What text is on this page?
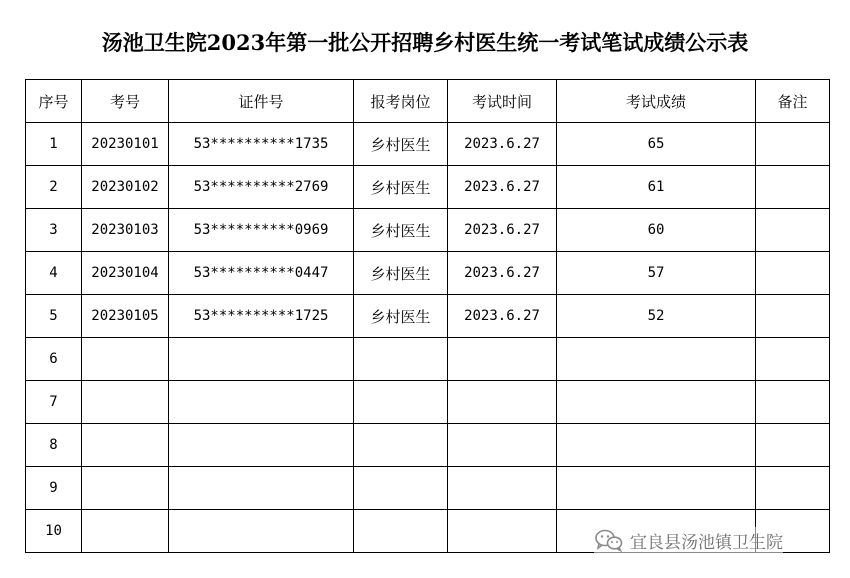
汤池卫生院2023年第一批公开招聘乡村医生统一考试笔试成绩公示表
序号	考号	证件号	报考岗位	考试时间	考试成绩	备注
1	20230101	53**********1735	乡村医生	2023.6.27	65	
2	20230102	53**********2769	乡村医生	2023.6.27	61	
3	20230103	53**********0969	乡村医生	2023.6.27	60	
4	20230104	53**********0447	乡村医生	2023.6.27	57	
5	20230105	53**********1725	乡村医生	2023.6.27	52	
6						
7						
8						
9						
10						
宜良县汤池镇卫生院
